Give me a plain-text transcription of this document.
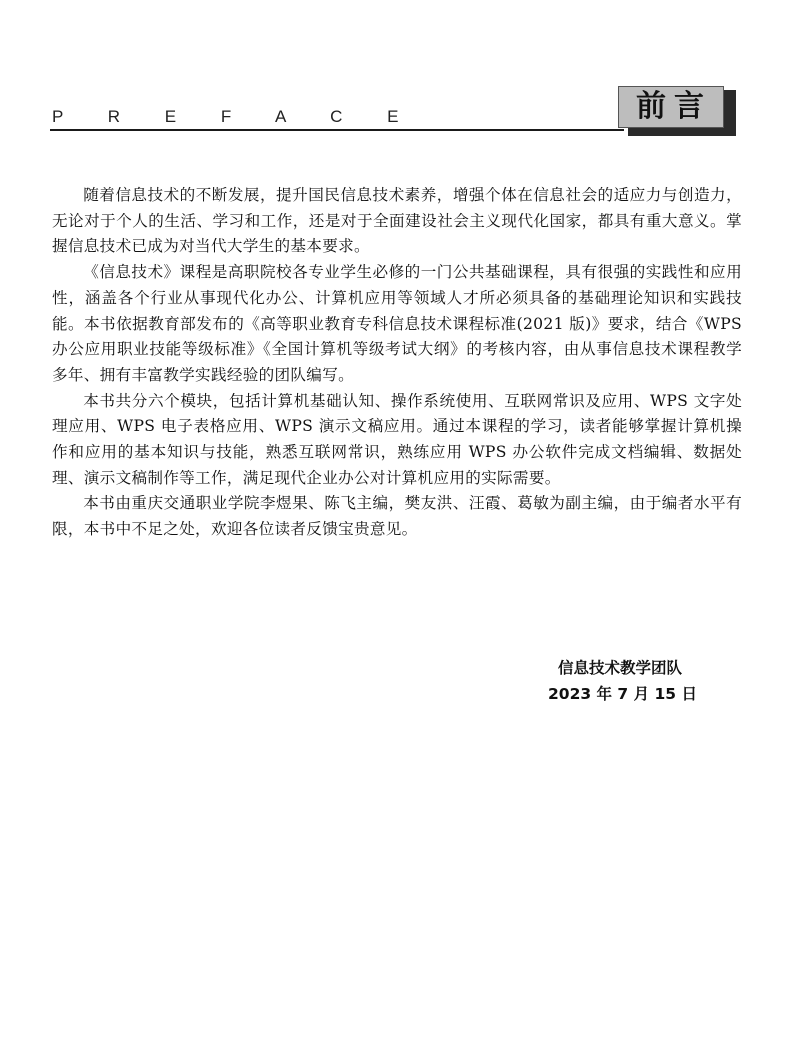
P R E F A C E	前言

随着信息技术的不断发展，提升国民信息技术素养，增强个体在信息社会的适应力与创造力，无论对于个人的生活、学习和工作，还是对于全面建设社会主义现代化国家，都具有重大意义。掌握信息技术已成为对当代大学生的基本要求。

《信息技术》课程是高职院校各专业学生必修的一门公共基础课程，具有很强的实践性和应用性，涵盖各个行业从事现代化办公、计算机应用等领域人才所必须具备的基础理论知识和实践技能。本书依据教育部发布的《高等职业教育专科信息技术课程标准(2021 版)》要求，结合《WPS 办公应用职业技能等级标准》《全国计算机等级考试大纲》的考核内容，由从事信息技术课程教学多年、拥有丰富教学实践经验的团队编写。

本书共分六个模块，包括计算机基础认知、操作系统使用、互联网常识及应用、WPS 文字处理应用、WPS 电子表格应用、WPS 演示文稿应用。通过本课程的学习，读者能够掌握计算机操作和应用的基本知识与技能，熟悉互联网常识，熟练应用 WPS 办公软件完成文档编辑、数据处理、演示文稿制作等工作，满足现代企业办公对计算机应用的实际需要。

本书由重庆交通职业学院李煜果、陈飞主编，樊友洪、汪霞、葛敏为副主编，由于编者水平有限，本书中不足之处，欢迎各位读者反馈宝贵意见。

信息技术教学团队
2023 年 7 月 15 日
